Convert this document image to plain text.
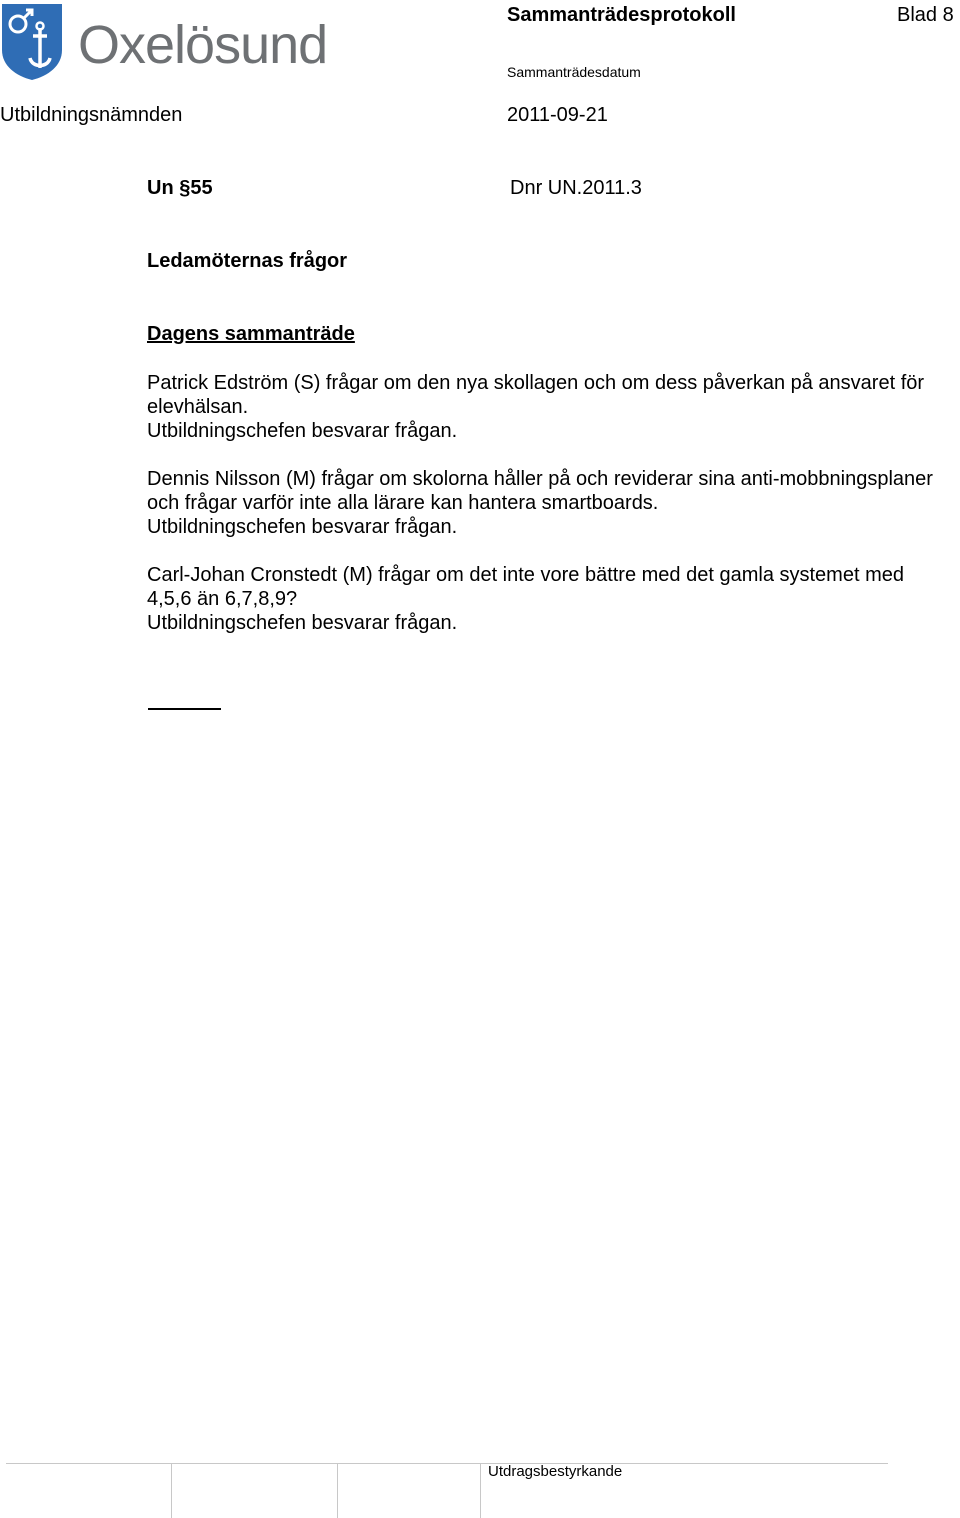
Oxelösund	Sammanträdesprotokoll	Blad 8
Sammanträdesdatum
Utbildningsnämnden	2011-09-21
Un §55	Dnr UN.2011.3
Ledamöternas frågor
Dagens sammanträde

Patrick Edström (S) frågar om den nya skollagen och om dess påverkan på ansvaret för elevhälsan.

Utbildningschefen besvarar frågan.

Dennis Nilsson (M) frågar om skolorna håller på och reviderar sina anti-mobbningsplaner och frågar varför inte alla lärare kan hantera smartboards.

Utbildningschefen besvarar frågan.

Carl-Johan Cronstedt (M) frågar om det inte vore bättre med det gamla systemet med 4,5,6 än 6,7,8,9?

Utbildningschefen besvarar frågan.

Utdragsbestyrkande
